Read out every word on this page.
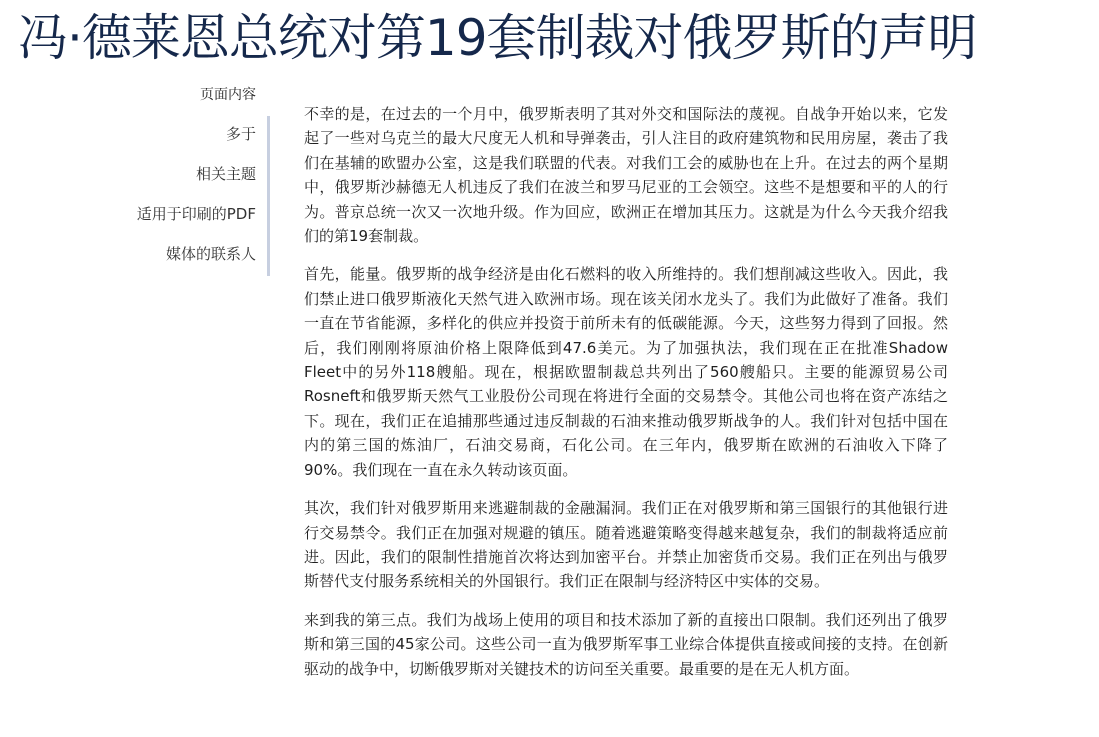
冯·德莱恩总统对第19套制裁对俄罗斯的声明
页面内容
多于
相关主题
适用于印刷的PDF
媒体的联系人

不幸的是，在过去的一个月中，俄罗斯表明了其对外交和国际法的蔑视。自战争开始以来，它发起了一些对乌克兰的最大尺度无人机和导弹袭击，引人注目的政府建筑物和民用房屋，袭击了我们在基辅的欧盟办公室，这是我们联盟的代表。对我们工会的威胁也在上升。在过去的两个星期中，俄罗斯沙赫德无人机违反了我们在波兰和罗马尼亚的工会领空。这些不是想要和平的人的行为。普京总统一次又一次地升级。作为回应，欧洲正在增加其压力。这就是为什么今天我介绍我们的第19套制裁。

首先，能量。俄罗斯的战争经济是由化石燃料的收入所维持的。我们想削减这些收入。因此，我们禁止进口俄罗斯液化天然气进入欧洲市场。现在该关闭水龙头了。我们为此做好了准备。我们一直在节省能源，多样化的供应并投资于前所未有的低碳能源。今天，这些努力得到了回报。然后，我们刚刚将原油价格上限降低到47.6美元。为了加强执法，我们现在正在批准Shadow Fleet中的另外118艘船。现在，根据欧盟制裁总共列出了560艘船只。主要的能源贸易公司Rosneft和俄罗斯天然气工业股份公司现在将进行全面的交易禁令。其他公司也将在资产冻结之下。现在，我们正在追捕那些通过违反制裁的石油来推动俄罗斯战争的人。我们针对包括中国在内的第三国的炼油厂，石油交易商，石化公司。在三年内，俄罗斯在欧洲的石油收入下降了90%。我们现在一直在永久转动该页面。

其次，我们针对俄罗斯用来逃避制裁的金融漏洞。我们正在对俄罗斯和第三国银行的其他银行进行交易禁令。我们正在加强对规避的镇压。随着逃避策略变得越来越复杂，我们的制裁将适应前进。因此，我们的限制性措施首次将达到加密平台。并禁止加密货币交易。我们正在列出与俄罗斯替代支付服务系统相关的外国银行。我们正在限制与经济特区中实体的交易。

来到我的第三点。我们为战场上使用的项目和技术添加了新的直接出口限制。我们还列出了俄罗斯和第三国的45家公司。这些公司一直为俄罗斯军事工业综合体提供直接或间接的支持。在创新驱动的战争中，切断俄罗斯对关键技术的访问至关重要。最重要的是在无人机方面。
